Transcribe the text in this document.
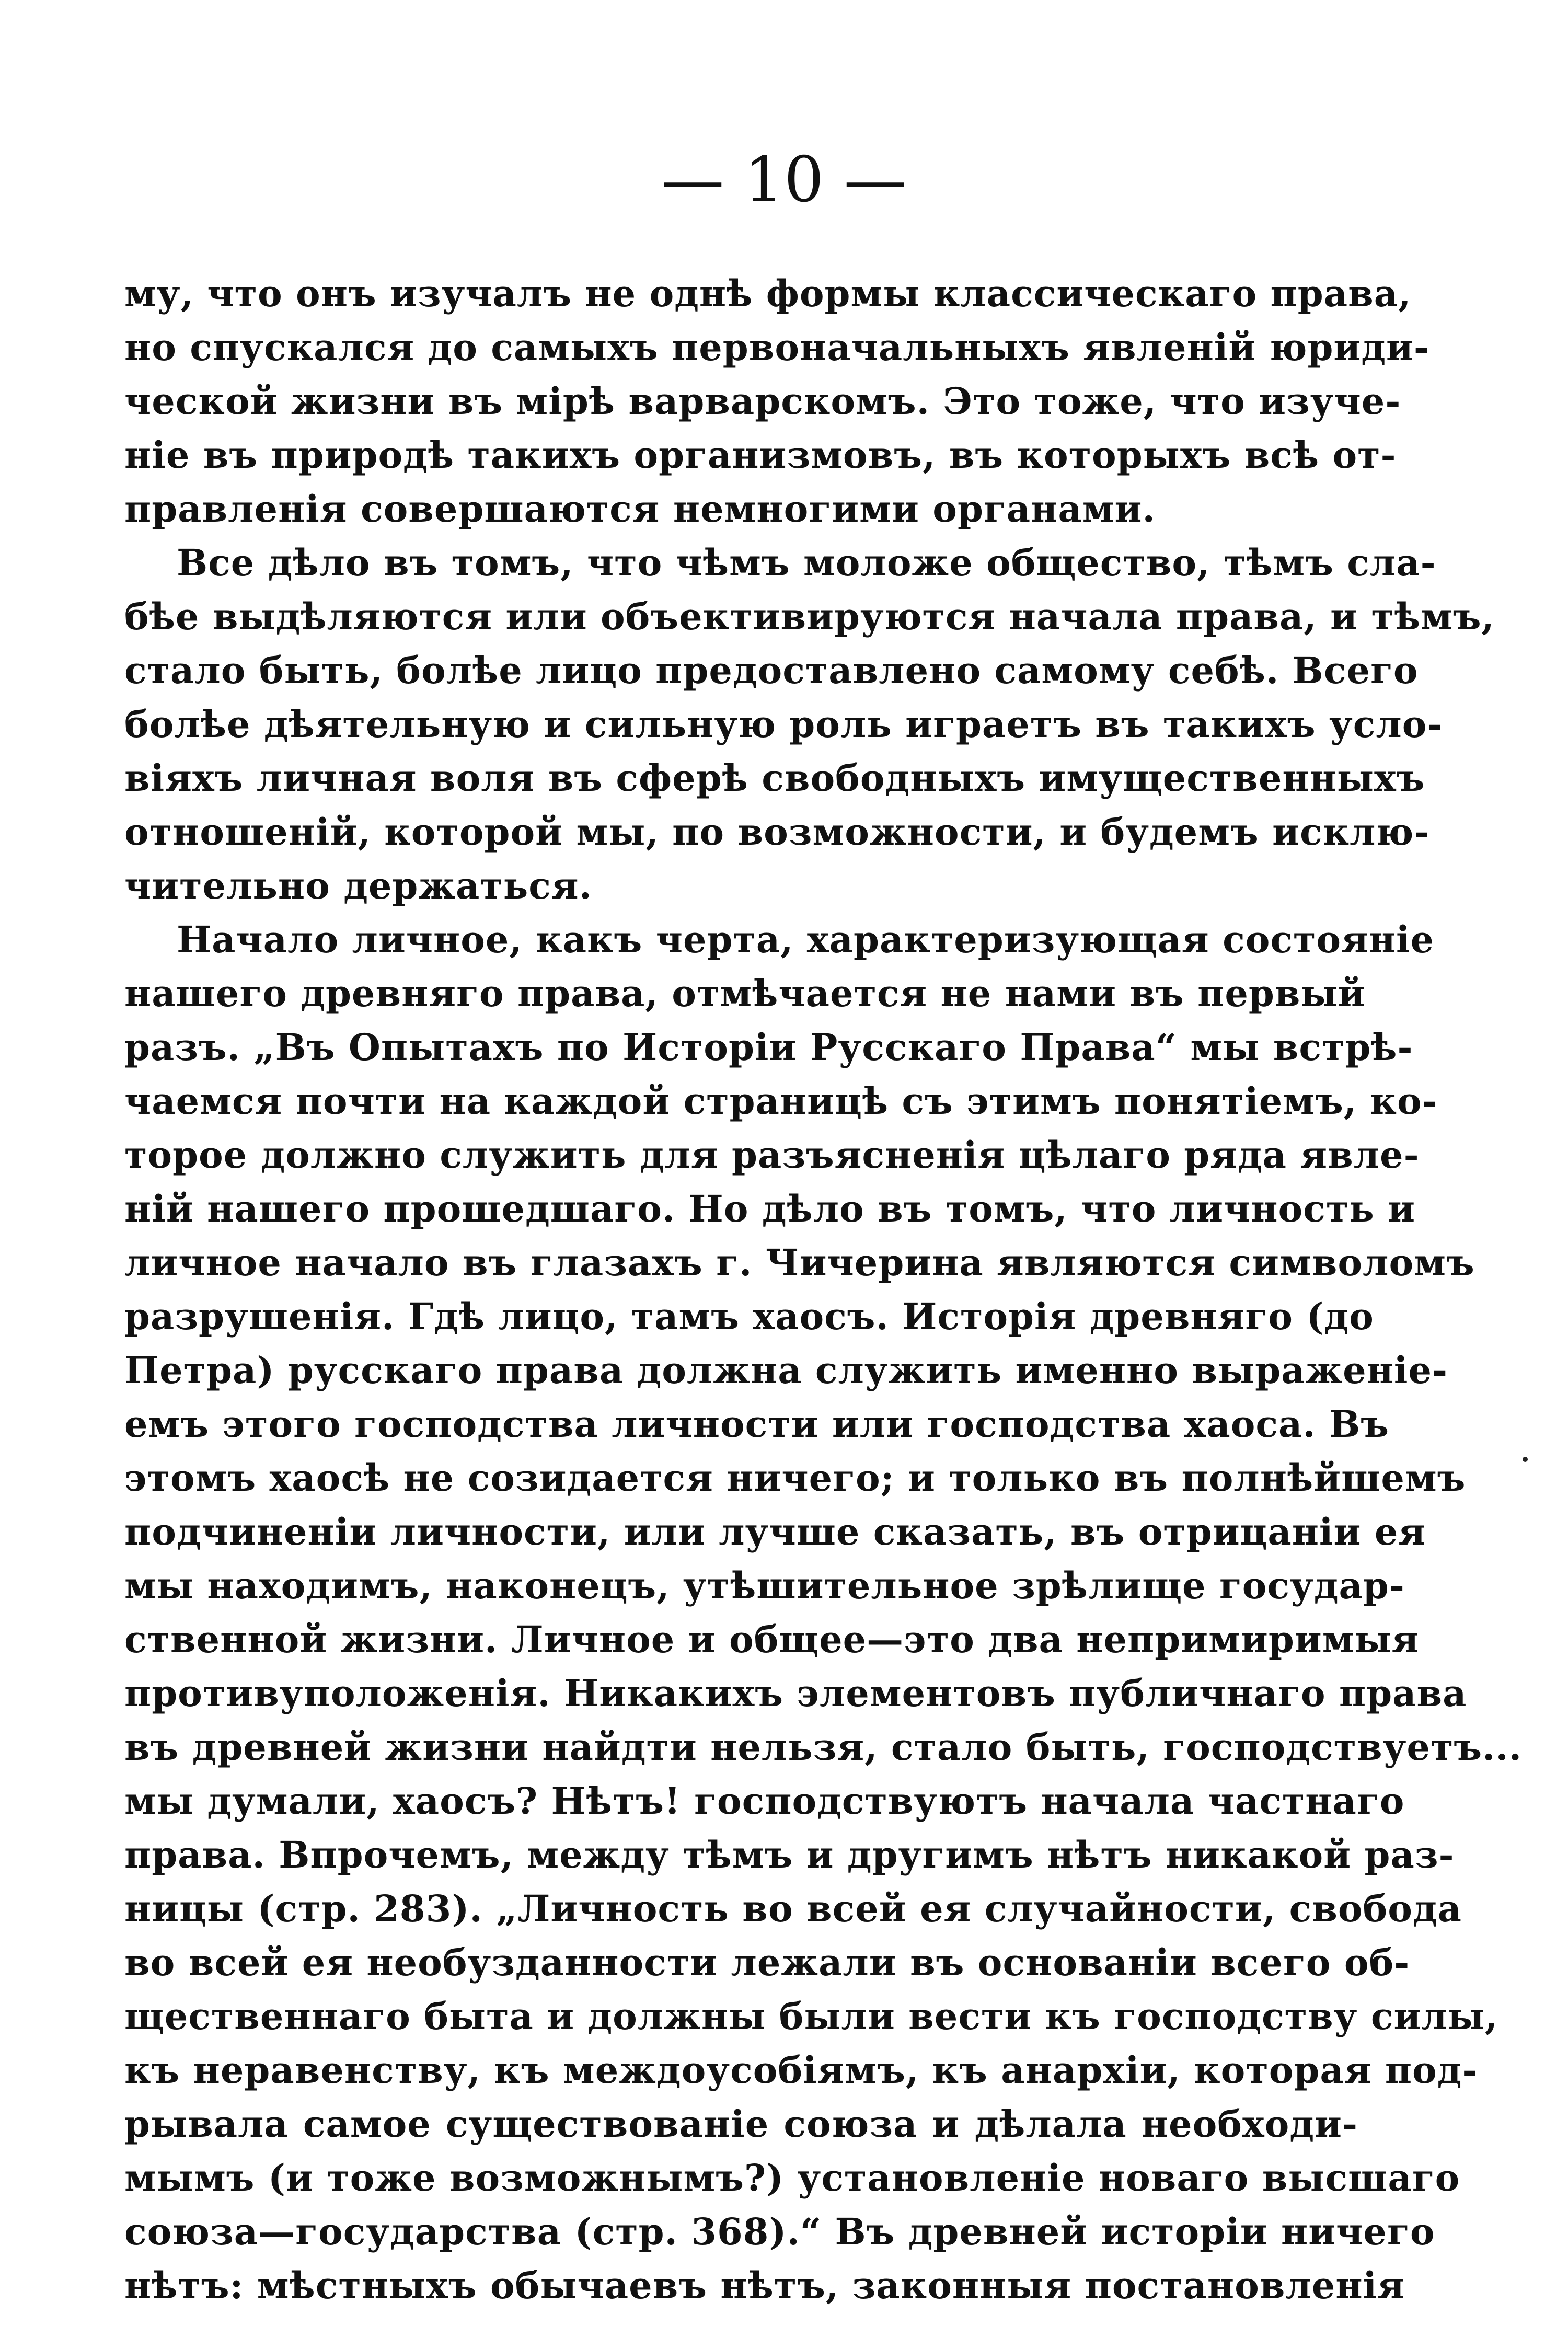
— 10 —
му, что онъ изучалъ не однѣ формы классическаго права,
но спускался до самыхъ первоначальныхъ явленій юриди-
ческой жизни въ мірѣ варварскомъ. Это тоже, что изуче-
ніе въ природѣ такихъ организмовъ, въ которыхъ всѣ от-
правленія совершаются немногими органами.
Все дѣло въ томъ, что чѣмъ моложе общество, тѣмъ сла-
бѣе выдѣляются или объективируются начала права, и тѣмъ,
стало быть, болѣе лицо предоставлено самому себѣ. Всего
болѣе дѣятельную и сильную роль играетъ въ такихъ усло-
віяхъ личная воля въ сферѣ свободныхъ имущественныхъ
отношеній, которой мы, по возможности, и будемъ исклю-
чительно держаться.
Начало личное, какъ черта, характеризующая состояніе
нашего древняго права, отмѣчается не нами въ первый
разъ. „Въ Опытахъ по Исторіи Русскаго Права“ мы встрѣ-
чаемся почти на каждой страницѣ съ этимъ понятіемъ, ко-
торое должно служить для разъясненія цѣлаго ряда явле-
ній нашего прошедшаго. Но дѣло въ томъ, что личность и
личное начало въ глазахъ г. Чичерина являются символомъ
разрушенія. Гдѣ лицо, тамъ хаосъ. Исторія древняго (до
Петра) русскаго права должна служить именно выраженіе-
емъ этого господства личности или господства хаоса. Въ
этомъ хаосѣ не созидается ничего; и только въ полнѣйшемъ
подчиненіи личности, или лучше сказать, въ отрицаніи ея
мы находимъ, наконецъ, утѣшительное зрѣлище государ-
ственной жизни. Личное и общее—это два непримиримыя
противуположенія. Никакихъ элементовъ публичнаго права
въ древней жизни найдти нельзя, стало быть, господствуетъ...
мы думали, хаосъ? Нѣтъ! господствуютъ начала частнаго
права. Впрочемъ, между тѣмъ и другимъ нѣтъ никакой раз-
ницы (стр. 283). „Личность во всей ея случайности, свобода
во всей ея необузданности лежали въ основаніи всего об-
щественнаго быта и должны были вести къ господству силы,
къ неравенству, къ междоусобіямъ, къ анархіи, которая под-
рывала самое существованіе союза и дѣлала необходи-
мымъ (и тоже возможнымъ?) установленіе новаго высшаго
союза—государства (стр. 368).“ Въ древней исторіи ничего
нѣтъ: мѣстныхъ обычаевъ нѣтъ, законныя постановленія
